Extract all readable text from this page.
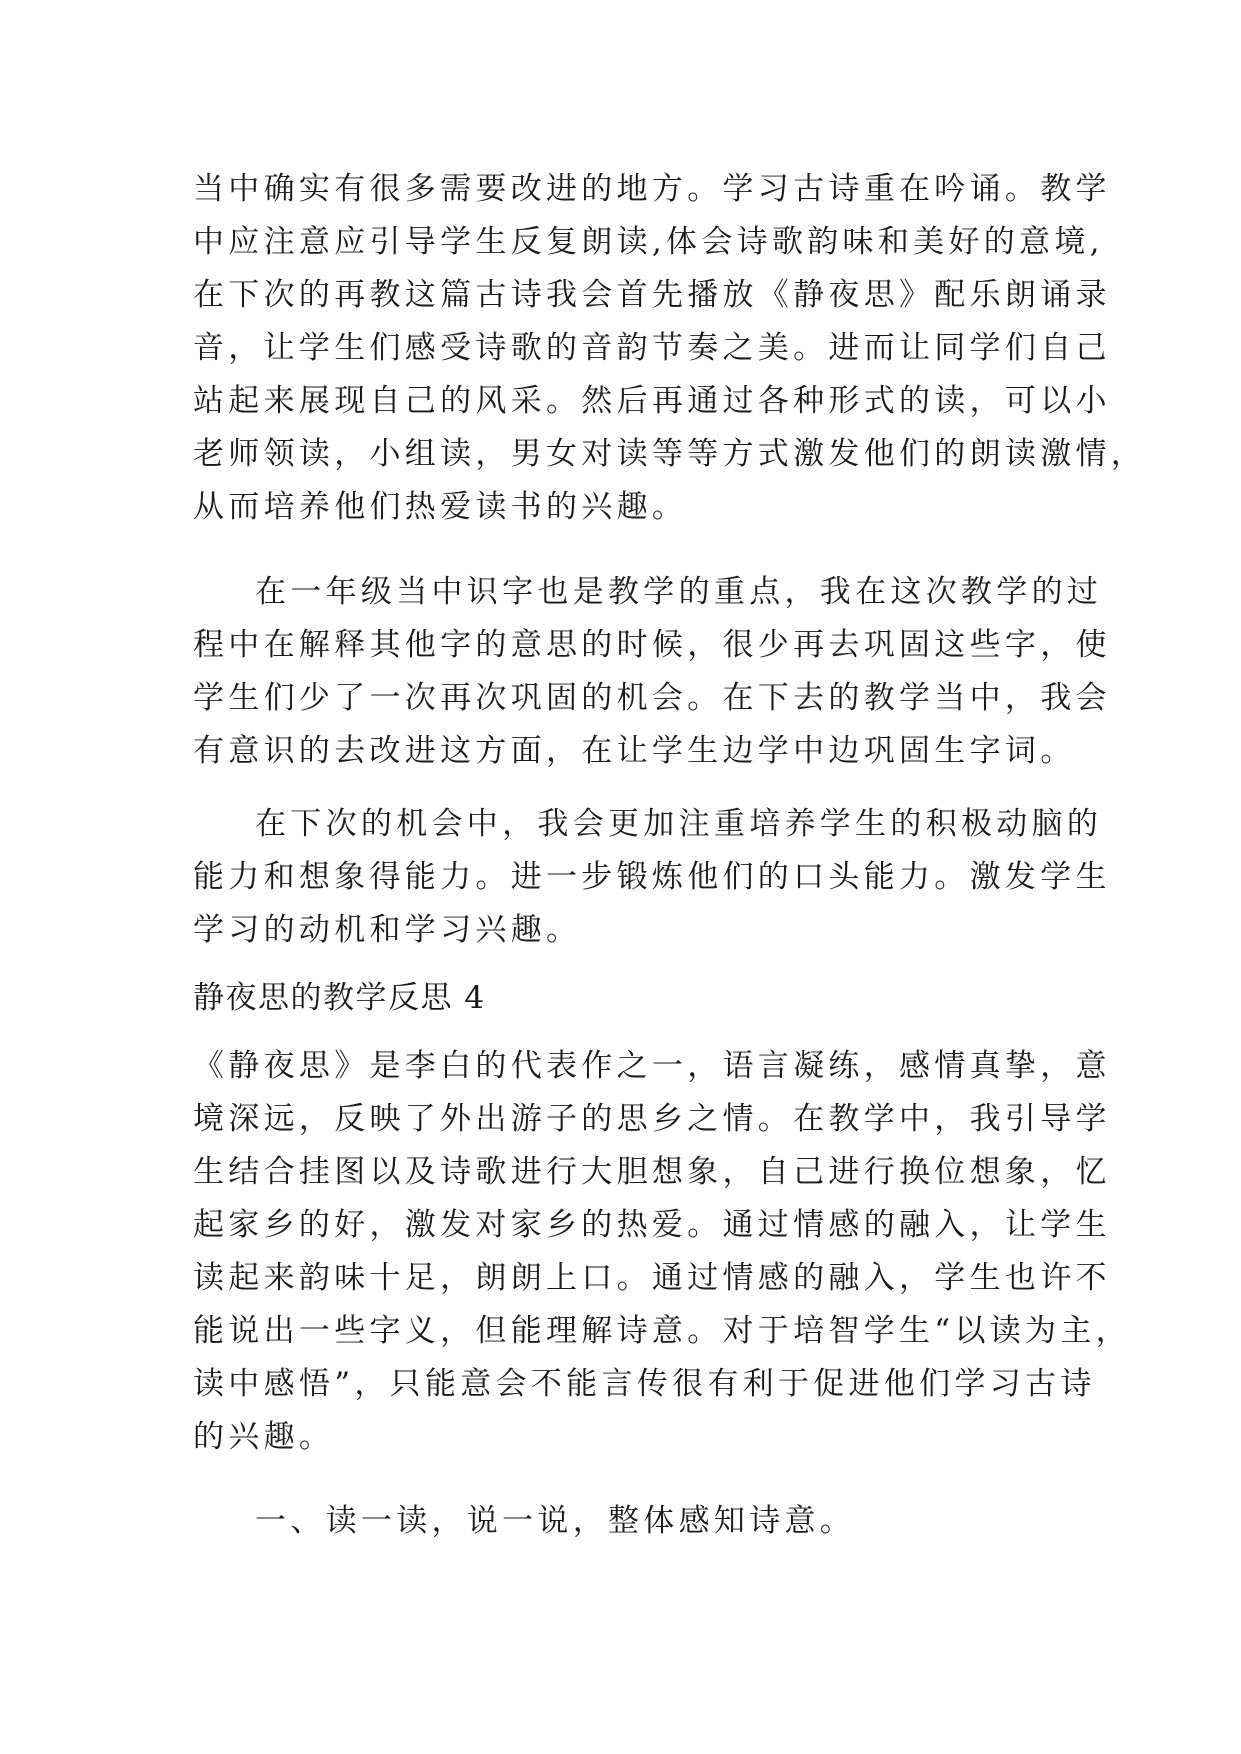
当中确实有很多需要改进的地方。学习古诗重在吟诵。教学
中应注意应引导学生反复朗读,体会诗歌韵味和美好的意境,
在下次的再教这篇古诗我会首先播放《静夜思》配乐朗诵录
音，让学生们感受诗歌的音韵节奏之美。进而让同学们自己
站起来展现自己的风采。然后再通过各种形式的读，可以小
老师领读，小组读，男女对读等等方式激发他们的朗读激情，
从而培养他们热爱读书的兴趣。
在一年级当中识字也是教学的重点，我在这次教学的过
程中在解释其他字的意思的时候，很少再去巩固这些字，使
学生们少了一次再次巩固的机会。在下去的教学当中，我会
有意识的去改进这方面，在让学生边学中边巩固生字词。
在下次的机会中，我会更加注重培养学生的积极动脑的
能力和想象得能力。进一步锻炼他们的口头能力。激发学生
学习的动机和学习兴趣。
静夜思的教学反思 4
《静夜思》是李白的代表作之一，语言凝练，感情真挚，意
境深远，反映了外出游子的思乡之情。在教学中，我引导学
生结合挂图以及诗歌进行大胆想象，自己进行换位想象，忆
起家乡的好，激发对家乡的热爱。通过情感的融入，让学生
读起来韵味十足，朗朗上口。通过情感的融入，学生也许不
能说出一些字义，但能理解诗意。对于培智学生“以读为主，
读中感悟”，只能意会不能言传很有利于促进他们学习古诗
的兴趣。
一、读一读，说一说，整体感知诗意。
